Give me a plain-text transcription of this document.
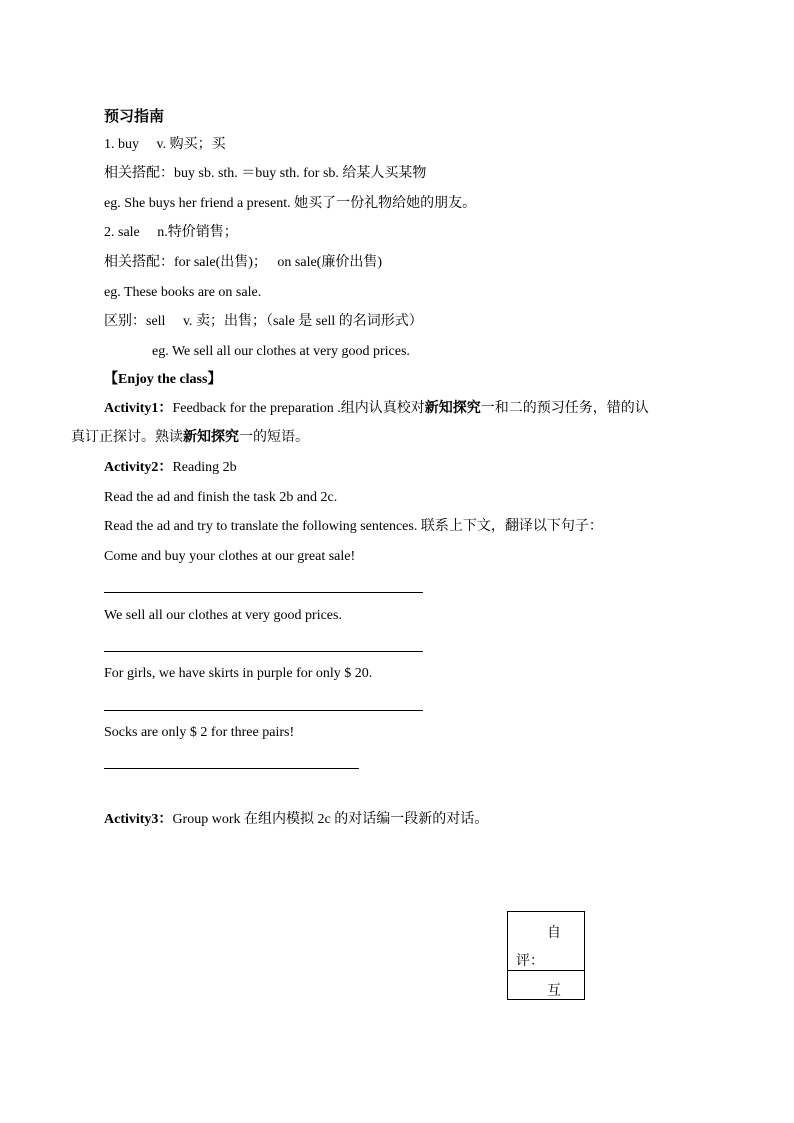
预习指南
1. buy　 v. 购买；买
相关搭配：buy sb. sth. ＝buy sth. for sb. 给某人买某物
eg. She buys her friend a present. 她买了一份礼物给她的朋友。
2. sale　 n.特价销售；
相关搭配：for sale(出售)；　 on sale(廉价出售)
eg. These books are on sale.
区别：sell　 v. 卖；出售；（sale 是 sell 的名词形式）
eg. We sell all our clothes at very good prices.
【Enjoy the class】
Activity1：Feedback for the preparation .组内认真校对新知探究一和二的预习任务，错的认
真订正探讨。熟读新知探究一的短语。
Activity2：Reading 2b
Read the ad and finish the task 2b and 2c.
Read the ad and try to translate the following sentences. 联系上下文，翻译以下句子：
Come and buy your clothes at our great sale!
We sell all our clothes at very good prices.
For girls, we have skirts in purple for only $ 20.
Socks are only $ 2 for three pairs!
Activity3：Group work 在组内模拟 2c 的对话编一段新的对话。
自
评：
互
